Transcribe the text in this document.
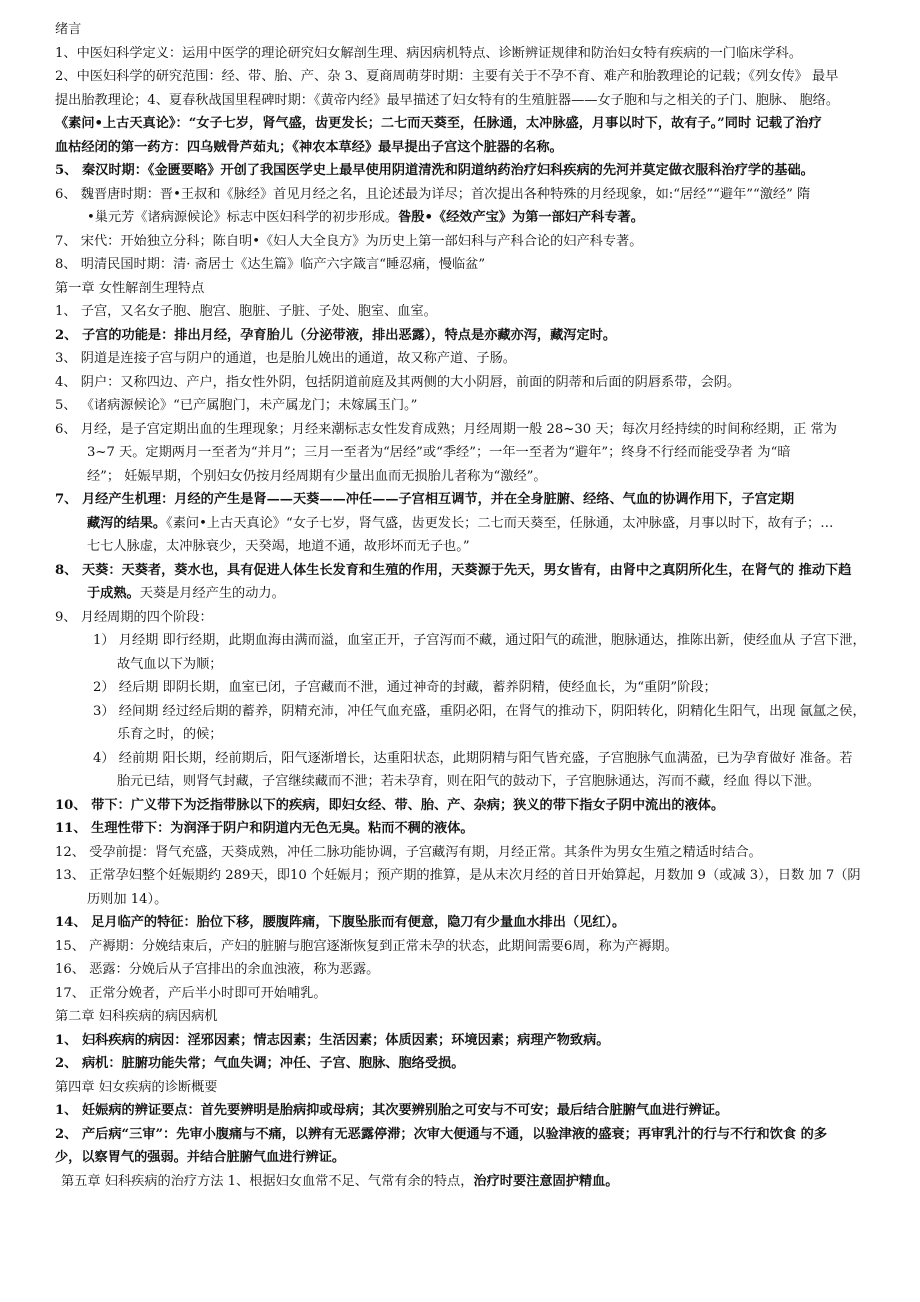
绪言
1、中医妇科学定义：运用中医学的理论研究妇女解剖生理、病因病机特点、诊断辨证规律和防治妇女特有疾病的一门临床学科。
2、中医妇科学的研究范围：经、带、胎、产、杂 3、夏商周萌芽时期：主要有关于不孕不育、难产和胎教理论的记载；《列女传》 最早
提出胎教理论；4、夏春秋战国里程碑时期：《黄帝内经》最早描述了妇女特有的生殖脏器——女子胞和与之相关的子门、胞脉、 胞络。
《素问•上古天真论》：“女子七岁，肾气盛，齿更发长；二七而天葵至，任脉通，太冲脉盛，月事以时下，故有子。”同时 记载了治疗
血枯经闭的第一药方：四乌贼骨芦茹丸；《神农本草经》最早提出子宫这个脏器的名称。
5、 秦汉时期：《金匮要略》开创了我国医学史上最早使用阴道清洗和阴道纳药治疗妇科疾病的先河并莫定做衣服科治疗学的基础。
6、 魏晋唐时期：晋•王叔和《脉经》首见月经之名，且论述最为详尽；首次提出各种特殊的月经现象，如:“居经”“避年”“激经” 隋
•巢元芳《诸病源候论》标志中医妇科学的初步形成。昝殷•《经效产宝》为第一部妇产科专著。
7、 宋代：开始独立分科；陈自明•《妇人大全良方》为历史上第一部妇科与产科合论的妇产科专著。
8、 明清民国时期：清· 斋居士《达生篇》临产六字箴言“睡忍痛，慢临盆”
第一章 女性解剖生理特点
1、 子宫，又名女子胞、胞宫、胞脏、子脏、子处、胞室、血室。
2、 子宫的功能是：排出月经，孕育胎儿（分泌带液，排出恶露），特点是亦藏亦泻，藏泻定时。
3、 阴道是连接子宫与阴户的通道，也是胎儿娩出的通道，故又称产道、子肠。
4、 阴户：又称四边、产户，指女性外阴，包括阴道前庭及其两侧的大小阴唇，前面的阴蒂和后面的阴唇系带，会阴。
5、 《诸病源候论》“已产属胞门，未产属龙门；未嫁属玉门。”
6、 月经，是子宫定期出血的生理现象；月经来潮标志女性发育成熟；月经周期一般 28~30 天；每次月经持续的时间称经期，正 常为
3~7 天。定期两月一至者为“并月”；三月一至者为“居经”或“季经”；一年一至者为“避年”；终身不行经而能受孕者 为“暗
经”； 妊娠早期，个别妇女仍按月经周期有少量出血而无损胎儿者称为“激经”。
7、 月经产生机理：月经的产生是肾——天葵——冲任——子宫相互调节，并在全身脏腑、经络、气血的协调作用下，子宫定期
藏泻的结果。《素问•上古天真论》“女子七岁，肾气盛，齿更发长；二七而天葵至，任脉通，太冲脉盛，月事以时下，故有子；…
七七人脉虚，太冲脉衰少，天癸竭，地道不通，故形坏而无子也。”
8、 天葵：天葵者，葵水也，具有促进人体生长发育和生殖的作用，天葵源于先天，男女皆有，由肾中之真阴所化生，在肾气的 推动下趋
于成熟。天葵是月经产生的动力。
9、 月经周期的四个阶段：
1） 月经期 即行经期，此期血海由满而溢，血室正开，子宫泻而不藏，通过阳气的疏泄，胞脉通达，推陈出新，使经血从 子宫下泄，
故气血以下为顺；
2） 经后期 即阴长期，血室已闭，子宫藏而不泄，通过神奇的封藏，蓄养阴精，使经血长，为“重阴”阶段；
3） 经间期 经过经后期的蓄养，阴精充沛，冲任气血充盛，重阴必阳，在肾气的推动下，阴阳转化，阴精化生阳气，出现 氤氲之侯，
乐育之时，的候；
4） 经前期 阳长期，经前期后，阳气逐渐增长，达重阳状态，此期阴精与阳气皆充盛，子宫胞脉气血满盈，已为孕育做好 准备。若
胎元已结，则肾气封藏，子宫继续藏而不泄；若未孕育，则在阳气的鼓动下，子宫胞脉通达，泻而不藏，经血 得以下泄。
10、 带下：广义带下为泛指带脉以下的疾病，即妇女经、带、胎、产、杂病；狭义的带下指女子阴中流出的液体。
11、 生理性带下：为润泽于阴户和阴道内无色无臭。粘而不稠的液体。
12、 受孕前提：肾气充盛，天葵成熟，冲任二脉功能协调，子宫藏泻有期，月经正常。其条件为男女生殖之精适时结合。
13、 正常孕妇整个妊娠期约 289天，即10 个妊娠月；预产期的推算，是从末次月经的首日开始算起，月数加 9（或减 3），日数 加 7（阴
历则加 14）。
14、 足月临产的特征：胎位下移，腰腹阵痛，下腹坠胀而有便意，隐刀有少量血水排出（见红）。
15、 产褥期：分娩结束后，产妇的脏腑与胞宫逐渐恢复到正常未孕的状态，此期间需要6周，称为产褥期。
16、 恶露：分娩后从子宫排出的余血浊液，称为恶露。
17、 正常分娩者，产后半小时即可开始哺乳。
第二章 妇科疾病的病因病机
1、 妇科疾病的病因：淫邪因素；情志因素；生活因素；体质因素；环境因素；病理产物致病。
2、 病机：脏腑功能失常；气血失调；冲任、子宫、胞脉、胞络受损。
第四章 妇女疾病的诊断概要
1、 妊娠病的辨证要点：首先要辨明是胎病抑或母病；其次要辨别胎之可安与不可安；最后结合脏腑气血进行辨证。
2、 产后病“三审”：先审小腹痛与不痛，以辨有无恶露停滞；次审大便通与不通，以验津液的盛衰；再审乳汁的行与不行和饮食 的多
少，以察胃气的强弱。并结合脏腑气血进行辨证。
第五章 妇科疾病的治疗方法 1、根据妇女血常不足、气常有余的特点，治疗时要注意固护精血。
